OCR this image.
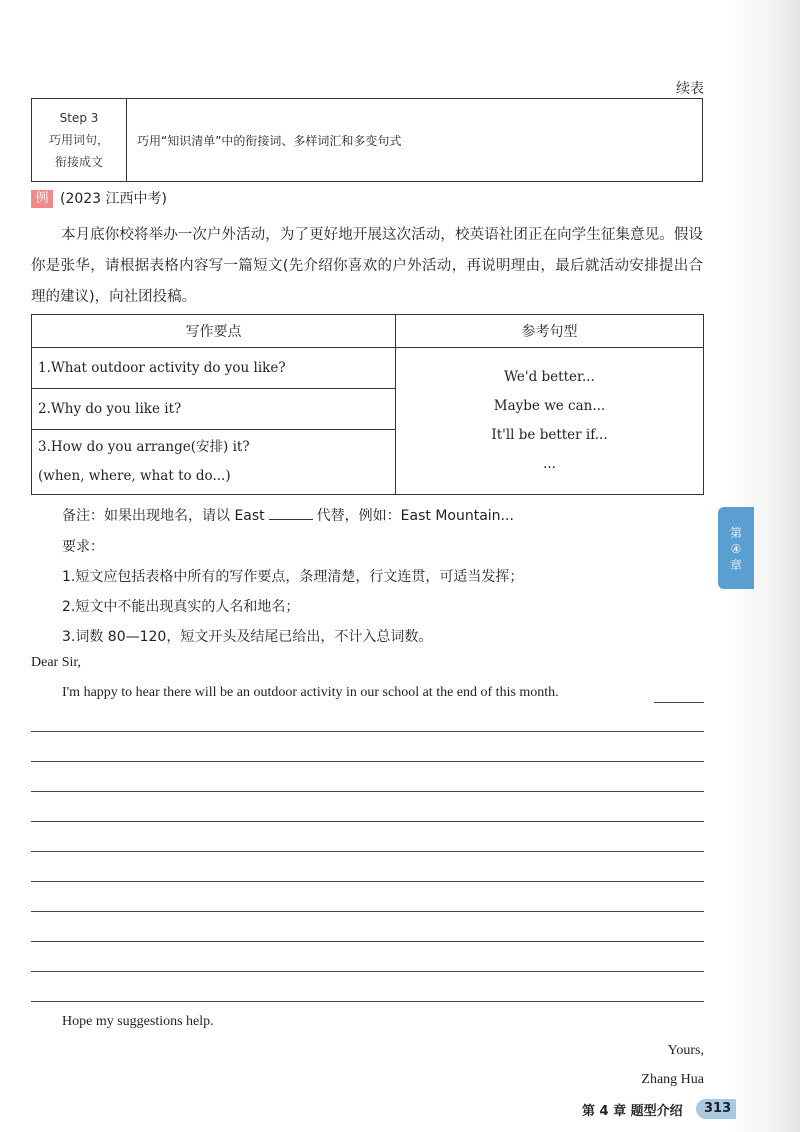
续表
Step 3
巧用词句，
衔接成文
	巧用“知识清单”中的衔接词、多样词汇和多变句式
例 (2023 江西中考)
本月底你校将举办一次户外活动，为了更好地开展这次活动，校英语社团正在向学生征集意见。假设你是张华，请根据表格内容写一篇短文(先介绍你喜欢的户外活动，再说明理由，最后就活动安排提出合理的建议)，向社团投稿。
写作要点	参考句型
1.What outdoor activity do you like?	We'd better...
Maybe we can...
It'll be better if...
...

2.Why do you like it?	

3.How do you arrange(安排) it?
(when, where, what to do...)	
备注：如果出现地名，请以 East	代替，例如：East Mountain...
要求：
1.短文应包括表格中所有的写作要点，条理清楚，行文连贯，可适当发挥；
2.短文中不能出现真实的人名和地名；
3.词数 80—120，短文开头及结尾已给出，不计入总词数。
Dear Sir,
I'm happy to hear there will be an outdoor activity in our school at the end of this month.
Hope my suggestions help.
Yours,
Zhang Hua
第
④
章
第 4 章 题型介绍	313
